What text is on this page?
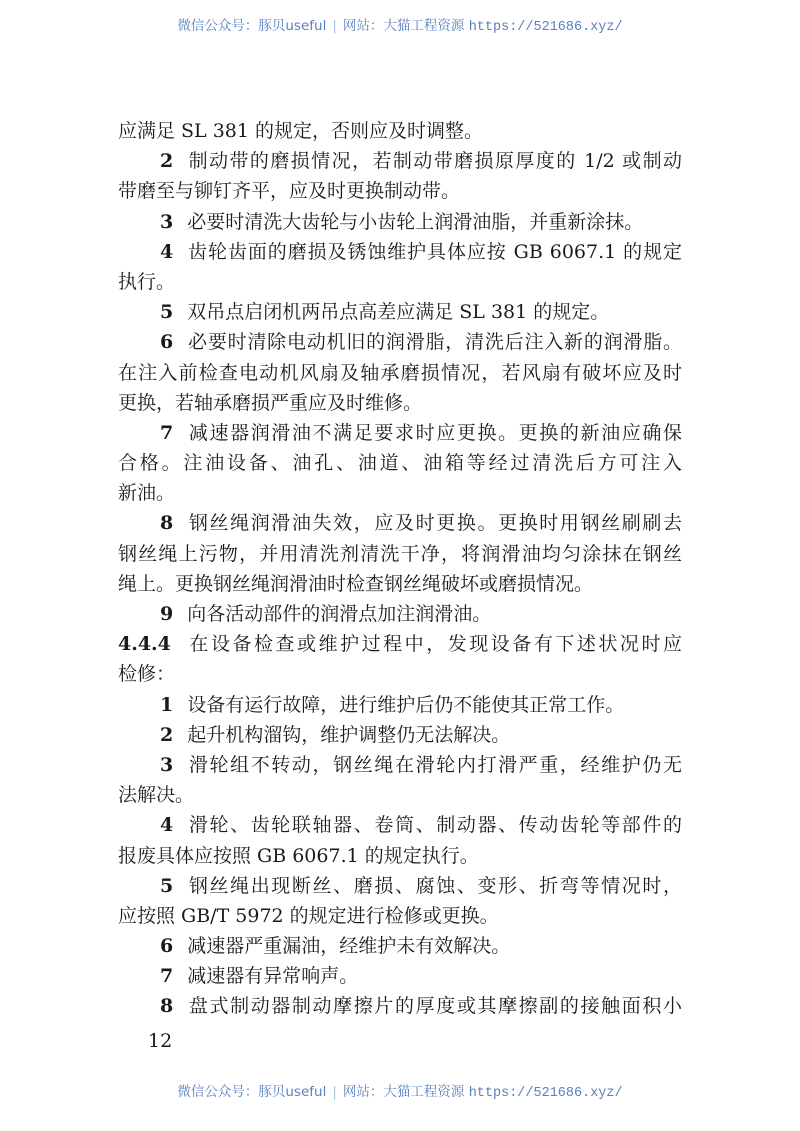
微信公众号：豚贝useful | 网站：大猫工程资源 https://521686.xyz/
应满足 SL 381 的规定，否则应及时调整。
2 制动带的磨损情况，若制动带磨损原厚度的 1/2 或制动
带磨至与铆钉齐平，应及时更换制动带。
3 必要时清洗大齿轮与小齿轮上润滑油脂，并重新涂抹。
4 齿轮齿面的磨损及锈蚀维护具体应按 GB 6067.1 的规定
执行。
5 双吊点启闭机两吊点高差应满足 SL 381 的规定。
6 必要时清除电动机旧的润滑脂，清洗后注入新的润滑脂。
在注入前检查电动机风扇及轴承磨损情况，若风扇有破坏应及时
更换，若轴承磨损严重应及时维修。
7 减速器润滑油不满足要求时应更换。更换的新油应确保
合格。注油设备、油孔、油道、油箱等经过清洗后方可注入
新油。
8 钢丝绳润滑油失效，应及时更换。更换时用钢丝刷刷去
钢丝绳上污物，并用清洗剂清洗干净，将润滑油均匀涂抹在钢丝
绳上。更换钢丝绳润滑油时检查钢丝绳破坏或磨损情况。
9 向各活动部件的润滑点加注润滑油。
4.4.4 在设备检查或维护过程中，发现设备有下述状况时应
检修：
1 设备有运行故障，进行维护后仍不能使其正常工作。
2 起升机构溜钩，维护调整仍无法解决。
3 滑轮组不转动，钢丝绳在滑轮内打滑严重，经维护仍无
法解决。
4 滑轮、齿轮联轴器、卷筒、制动器、传动齿轮等部件的
报废具体应按照 GB 6067.1 的规定执行。
5 钢丝绳出现断丝、磨损、腐蚀、变形、折弯等情况时，
应按照 GB/T 5972 的规定进行检修或更换。
6 减速器严重漏油，经维护未有效解决。
7 减速器有异常响声。
8 盘式制动器制动摩擦片的厚度或其摩擦副的接触面积小
12
微信公众号：豚贝useful | 网站：大猫工程资源 https://521686.xyz/
